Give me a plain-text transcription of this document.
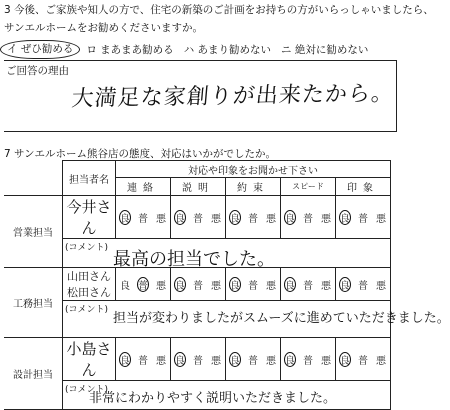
3 今後、ご家族や知人の方で、住宅の新築のご計画をお持ちの方がいらっしゃいましたら、
サンエルホームをお勧めくださいますか。
イ ぜひ勧める	ロ まあまあ勧める ハ あまり勧めない ニ 絶対に勧めない
ご回答の理由
大満足な家創りが出来たから。
7 サンエルホーム熊谷店の態度、対応はいかがでしたか。
	担当者名	対応や印象をお聞かせ下さい				
		連絡	説明	約束	スピード	印象
営業担当	今井さん	良 普 悪	良 普 悪	良 普 悪	良 普 悪	良 普 悪

	(コメント)
最高の担当でした。					

工務担当	山田さん 松田さん	良 普 悪	良 普 悪	良 普 悪	良 普 悪	良 普 悪

	(コメント)
担当が変わりましたがスムーズに進めていただきました。					

設計担当	小島さん	良 普 悪	良 普 悪	良 普 悪	良 普 悪	良 普 悪

	(コメント)
非常にわかりやすく説明いただきました。					
